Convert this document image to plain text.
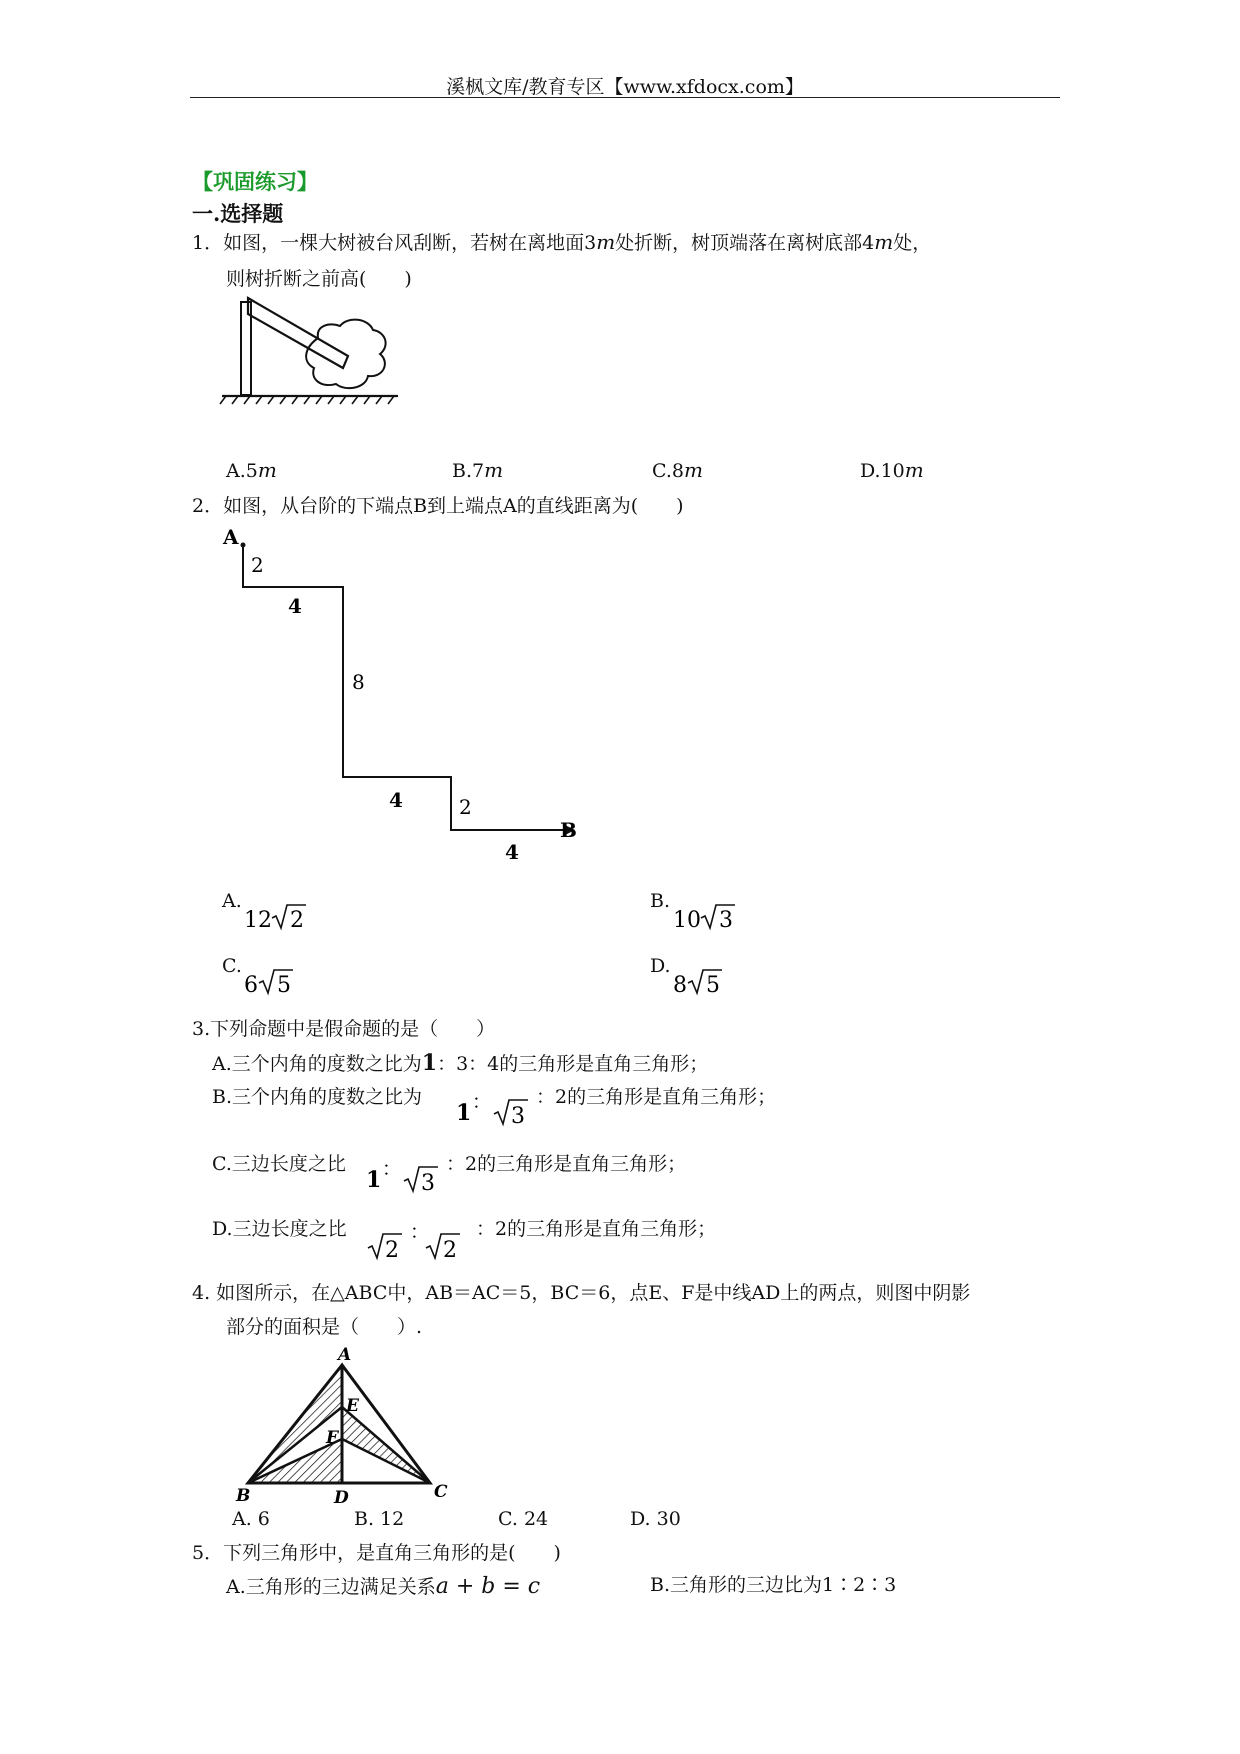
溪枫文库/教育专区【www.xfdocx.com】
【巩固练习】
一.选择题
1．如图，一棵大树被台风刮断，若树在离地面3m处折断，树顶端落在离树底部4m处，
则树折断之前高(　　)
A.5m	B.7m	C.8m	D.10m
2．如图，从台阶的下端点B到上端点A的直线距离为(　　)
A
2
4
8
4	2
4
B
A.
12 2
B.
10 3
C.
6 5
D.
8 5
3.下列命题中是假命题的是（　　）
A.三个内角的度数之比为1：3：4的三角形是直角三角形；
B.三个内角的度数之比为
1 ：
3
：2的三角形是直角三角形；
C.三边长度之比
1 ：
3
：2的三角形是直角三角形；
D.三边长度之比
2
：
2
：2的三角形是直角三角形；
4. 如图所示，在△ABC中，AB＝AC＝5，BC＝6，点E、F是中线AD上的两点，则图中阴影
部分的面积是（　　）.
A
E
F
B	D	C
A. 6	B. 12	C. 24	D. 30
5．下列三角形中，是直角三角形的是(　　)
A.三角形的三边满足关系a + b = c	B.三角形的三边比为1∶2∶3
